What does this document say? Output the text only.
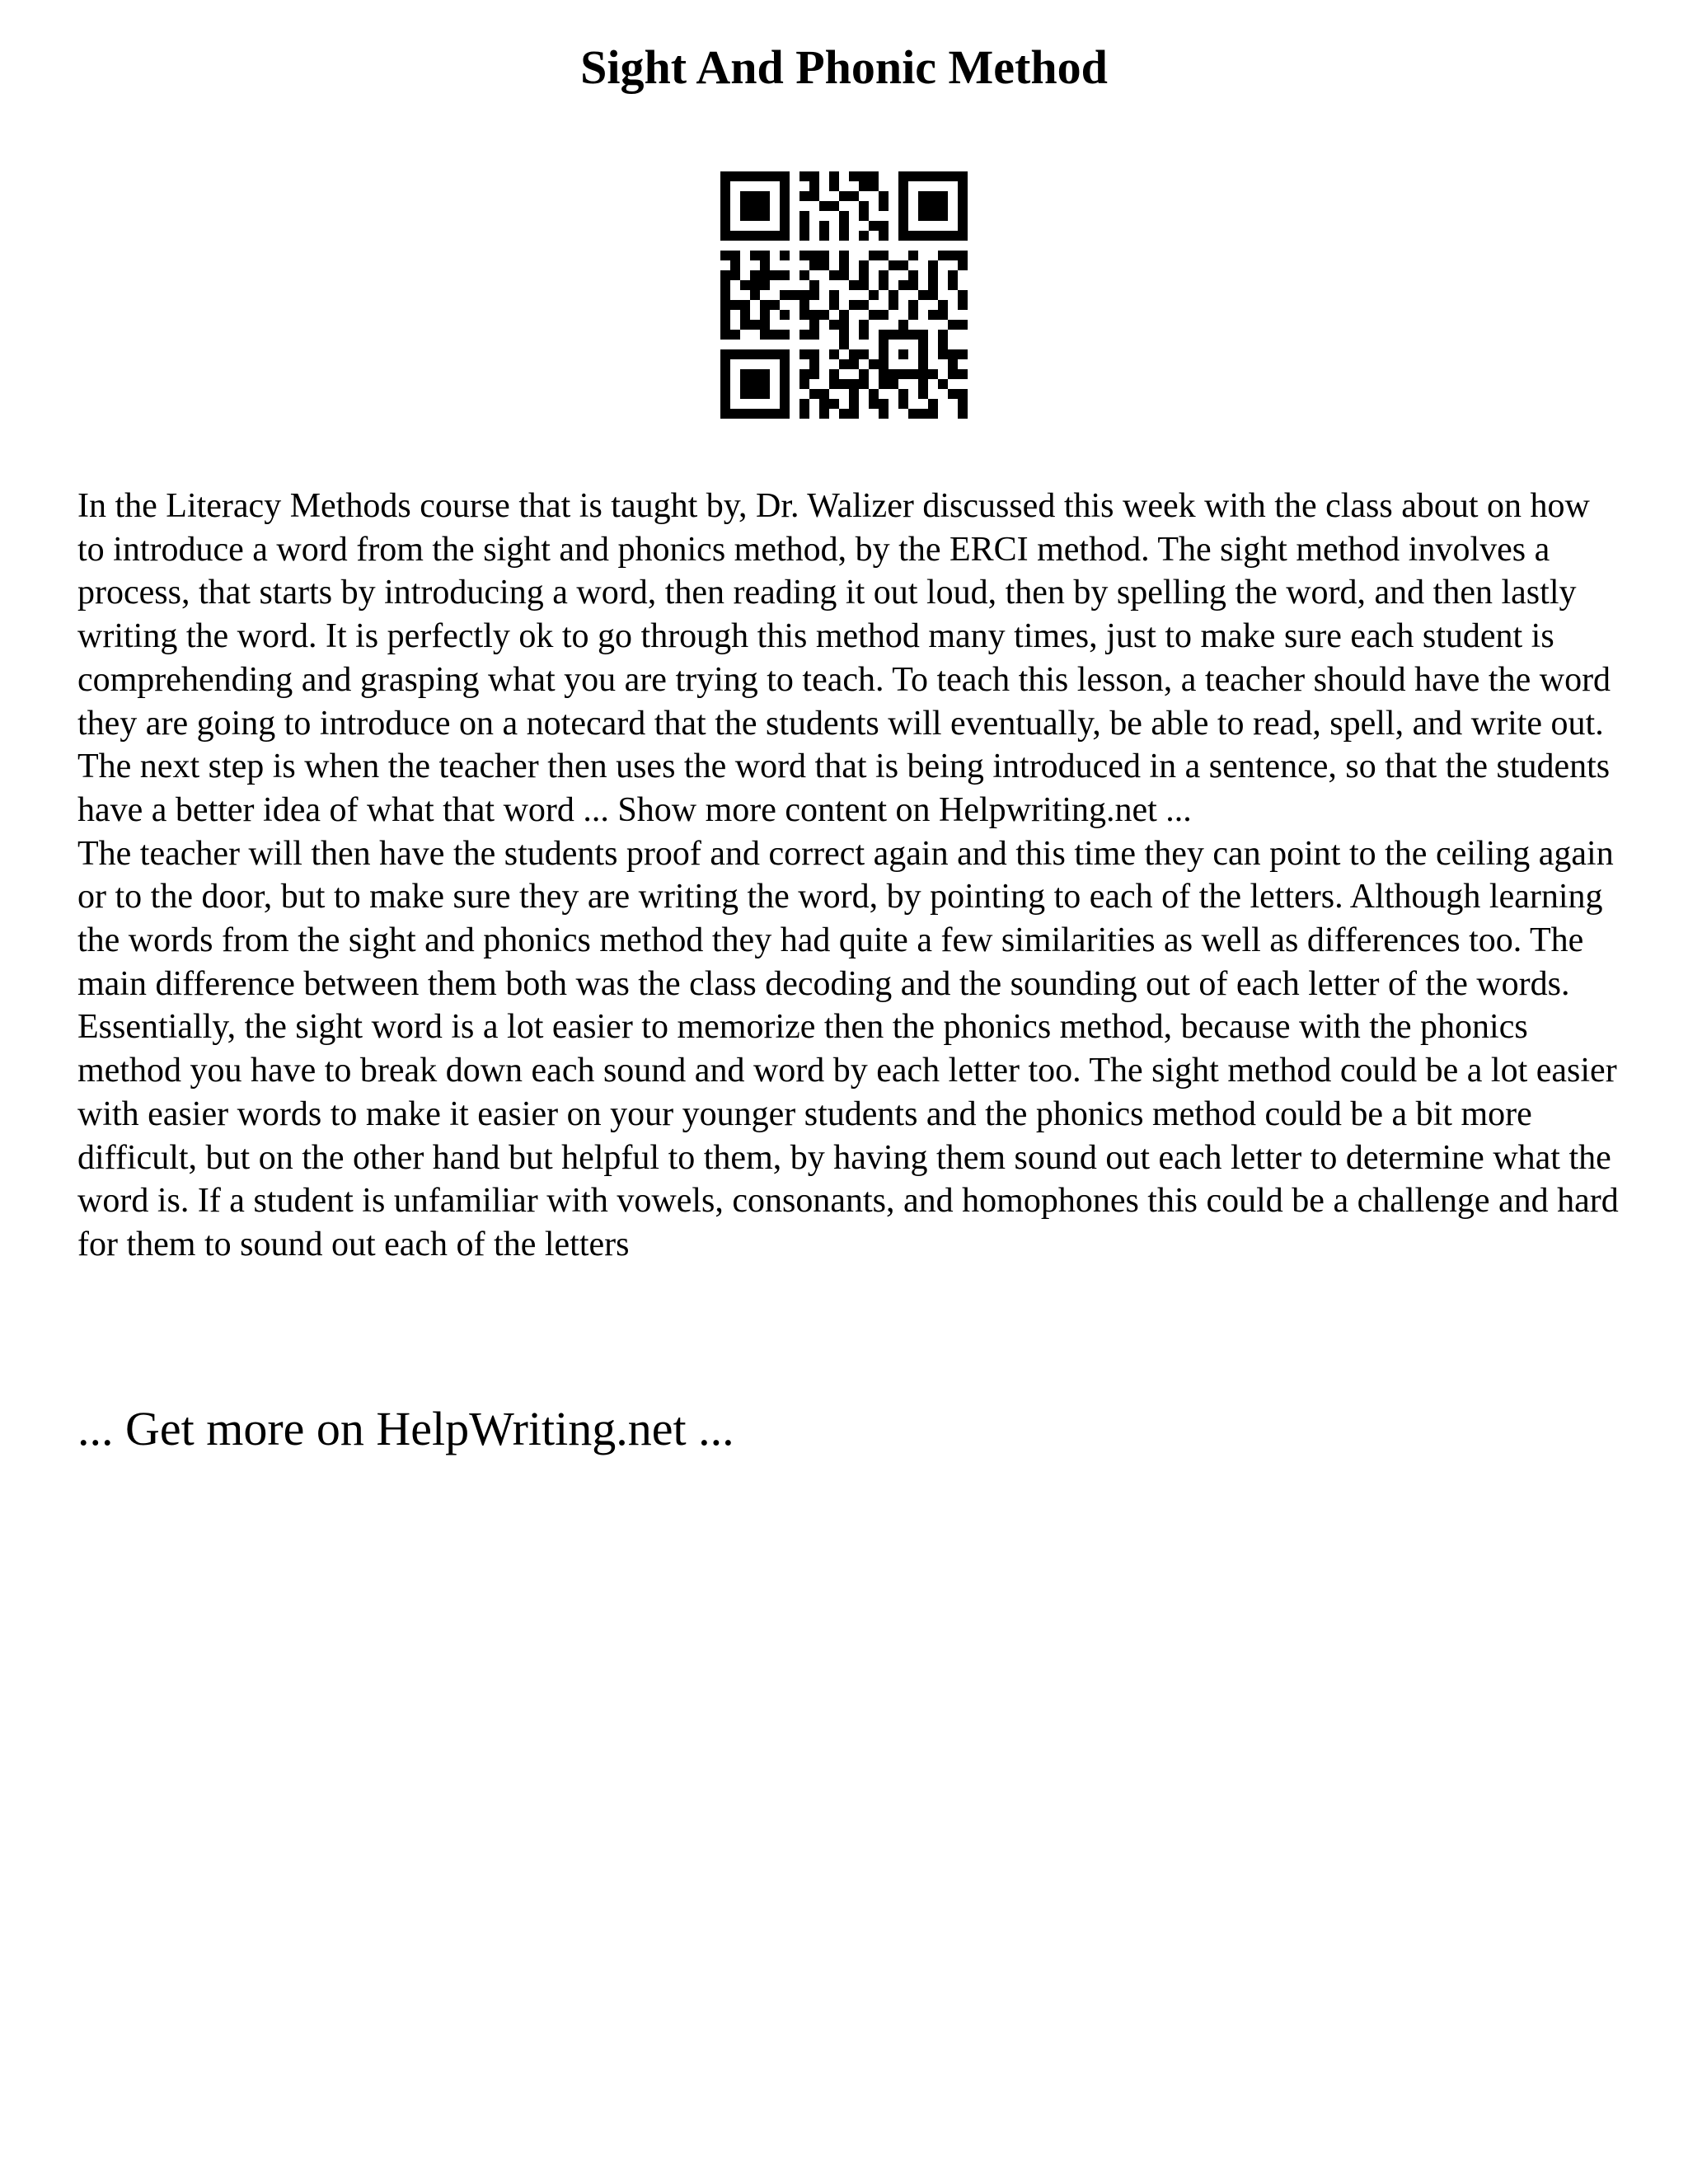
Sight And Phonic Method

In the Literacy Methods course that is taught by, Dr. Walizer discussed this week with the class about on how to introduce a word from the sight and phonics method, by the ERCI method. The sight method involves a process, that starts by introducing a word, then reading it out loud, then by spelling the word, and then lastly writing the word. It is perfectly ok to go through this method many times, just to make sure each student is comprehending and grasping what you are trying to teach. To teach this lesson, a teacher should have the word they are going to introduce on a notecard that the students will eventually, be able to read, spell, and write out. The next step is when the teacher then uses the word that is being introduced in a sentence, so that the students have a better idea of what that word ... Show more content on Helpwriting.net ...

The teacher will then have the students proof and correct again and this time they can point to the ceiling again or to the door, but to make sure they are writing the word, by pointing to each of the letters. Although learning the words from the sight and phonics method they had quite a few similarities as well as differences too. The main difference between them both was the class decoding and the sounding out of each letter of the words. Essentially, the sight word is a lot easier to memorize then the phonics method, because with the phonics method you have to break down each sound and word by each letter too. The sight method could be a lot easier with easier words to make it easier on your younger students and the phonics method could be a bit more difficult, but on the other hand but helpful to them, by having them sound out each letter to determine what the word is. If a student is unfamiliar with vowels, consonants, and homophones this could be a challenge and hard for them to sound out each of the letters

... Get more on HelpWriting.net ...
